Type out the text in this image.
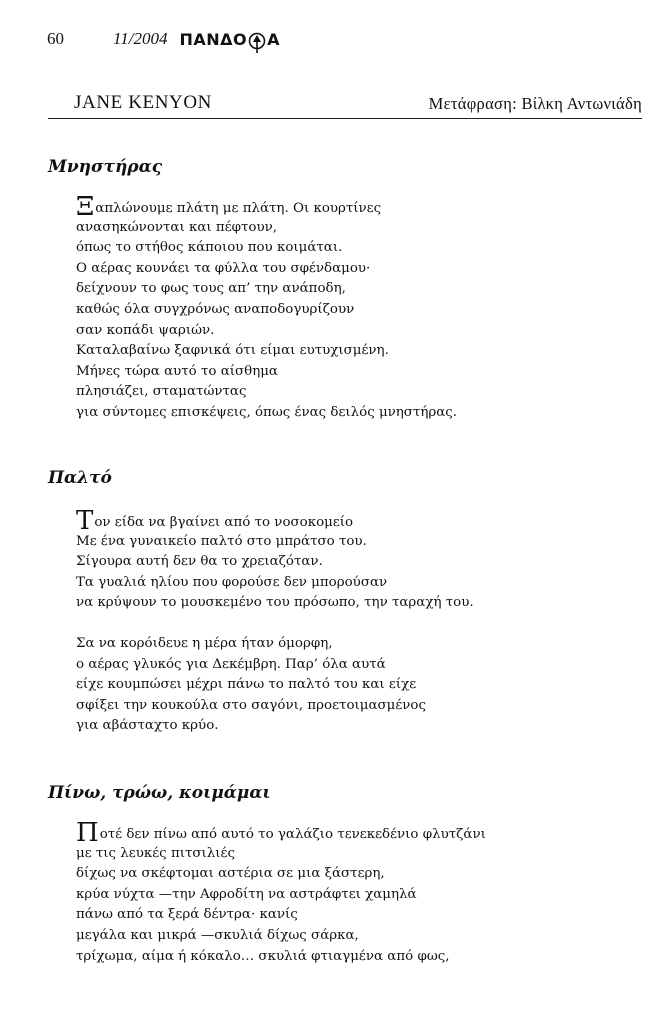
60	11/2004 ΠΑΝΔΟ Α
JANE KENYON	Μετάφραση: Βίλκη Αντωνιάδη
Μνηστήρας
Ξαπλώνουμε πλάτη με πλάτη. Οι κουρτίνες
ανασηκώνονται και πέφτουν,
όπως το στήθος κάποιου που κοιμάται.
Ο αέρας κουνάει τα φύλλα του σφένδαμου·
δείχνουν το φως τους απ’ την ανάποδη,
καθώς όλα συγχρόνως αναποδογυρίζουν
σαν κοπάδι ψαριών.
Καταλαβαίνω ξαφνικά ότι είμαι ευτυχισμένη.
Μήνες τώρα αυτό το αίσθημα
πλησιάζει, σταματώντας
για σύντομες επισκέψεις, όπως ένας δειλός μνηστήρας.
Παλτό
Τον είδα να βγαίνει από το νοσοκομείο
Με ένα γυναικείο παλτό στο μπράτσο του.
Σίγουρα αυτή δεν θα το χρειαζόταν.
Τα γυαλιά ηλίου που φορούσε δεν μπορούσαν
να κρύψουν το μουσκεμένο του πρόσωπο, την ταραχή του.
Σα να κορόιδευε η μέρα ήταν όμορφη,
ο αέρας γλυκός για Δεκέμβρη. Παρ’ όλα αυτά
είχε κουμπώσει μέχρι πάνω το παλτό του και είχε
σφίξει την κουκούλα στο σαγόνι, προετοιμασμένος
για αβάσταχτο κρύο.
Πίνω, τρώω, κοιμάμαι
Ποτέ δεν πίνω από αυτό το γαλάζιο τενεκεδένιο φλυτζάνι
με τις λευκές πιτσιλιές
δίχως να σκέφτομαι αστέρια σε μια ξάστερη,
κρύα νύχτα —την Αφροδίτη να αστράφτει χαμηλά
πάνω από τα ξερά δέντρα· κανίς
μεγάλα και μικρά —σκυλιά δίχως σάρκα,
τρίχωμα, αίμα ή κόκαλο… σκυλιά φτιαγμένα από φως,
